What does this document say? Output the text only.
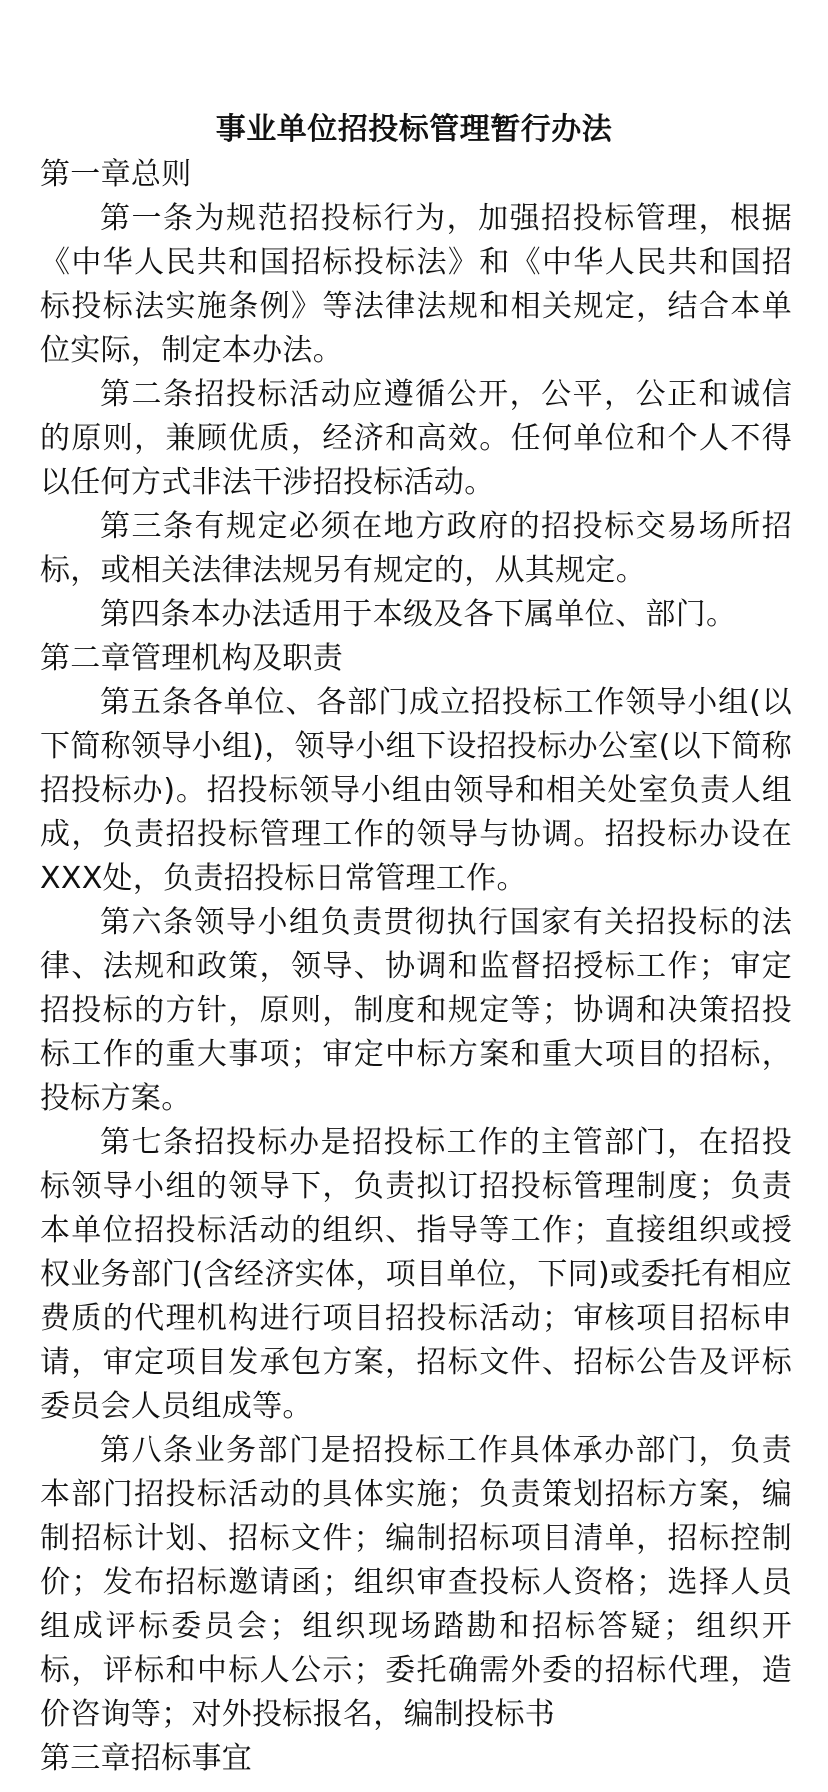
事业单位招投标管理暂行办法

第一章总则

第一条为规范招投标行为，加强招投标管理，根据《中华人民共和国招标投标法》和《中华人民共和国招标投标法实施条例》等法律法规和相关规定，结合本单位实际，制定本办法。

第二条招投标活动应遵循公开，公平，公正和诚信的原则，兼顾优质，经济和高效。任何单位和个人不得以任何方式非法干涉招投标活动。

第三条有规定必须在地方政府的招投标交易场所招标，或相关法律法规另有规定的，从其规定。

第四条本办法适用于本级及各下属单位、部门。

第二章管理机构及职责

第五条各单位、各部门成立招投标工作领导小组(以下简称领导小组)，领导小组下设招投标办公室(以下简称招投标办)。招投标领导小组由领导和相关处室负责人组成，负责招投标管理工作的领导与协调。招投标办设在XXX处，负责招投标日常管理工作。

第六条领导小组负责贯彻执行国家有关招投标的法律、法规和政策，领导、协调和监督招授标工作；审定招投标的方针，原则，制度和规定等；协调和决策招投标工作的重大事项；审定中标方案和重大项目的招标，投标方案。

第七条招投标办是招投标工作的主管部门，在招投标领导小组的领导下，负责拟订招投标管理制度；负责本单位招投标活动的组织、指导等工作；直接组织或授权业务部门(含经济实体，项目单位，下同)或委托有相应费质的代理机构进行项目招投标活动；审核项目招标申请，审定项目发承包方案，招标文件、招标公告及评标委员会人员组成等。

第八条业务部门是招投标工作具体承办部门，负责本部门招投标活动的具体实施；负责策划招标方案，编制招标计划、招标文件；编制招标项目清单，招标控制价；发布招标邀请函；组织审查投标人资格；选择人员组成评标委员会；组织现场踏勘和招标答疑；组织开标，评标和中标人公示；委托确需外委的招标代理，造价咨询等；对外投标报名，编制投标书

第三章招标事宜
